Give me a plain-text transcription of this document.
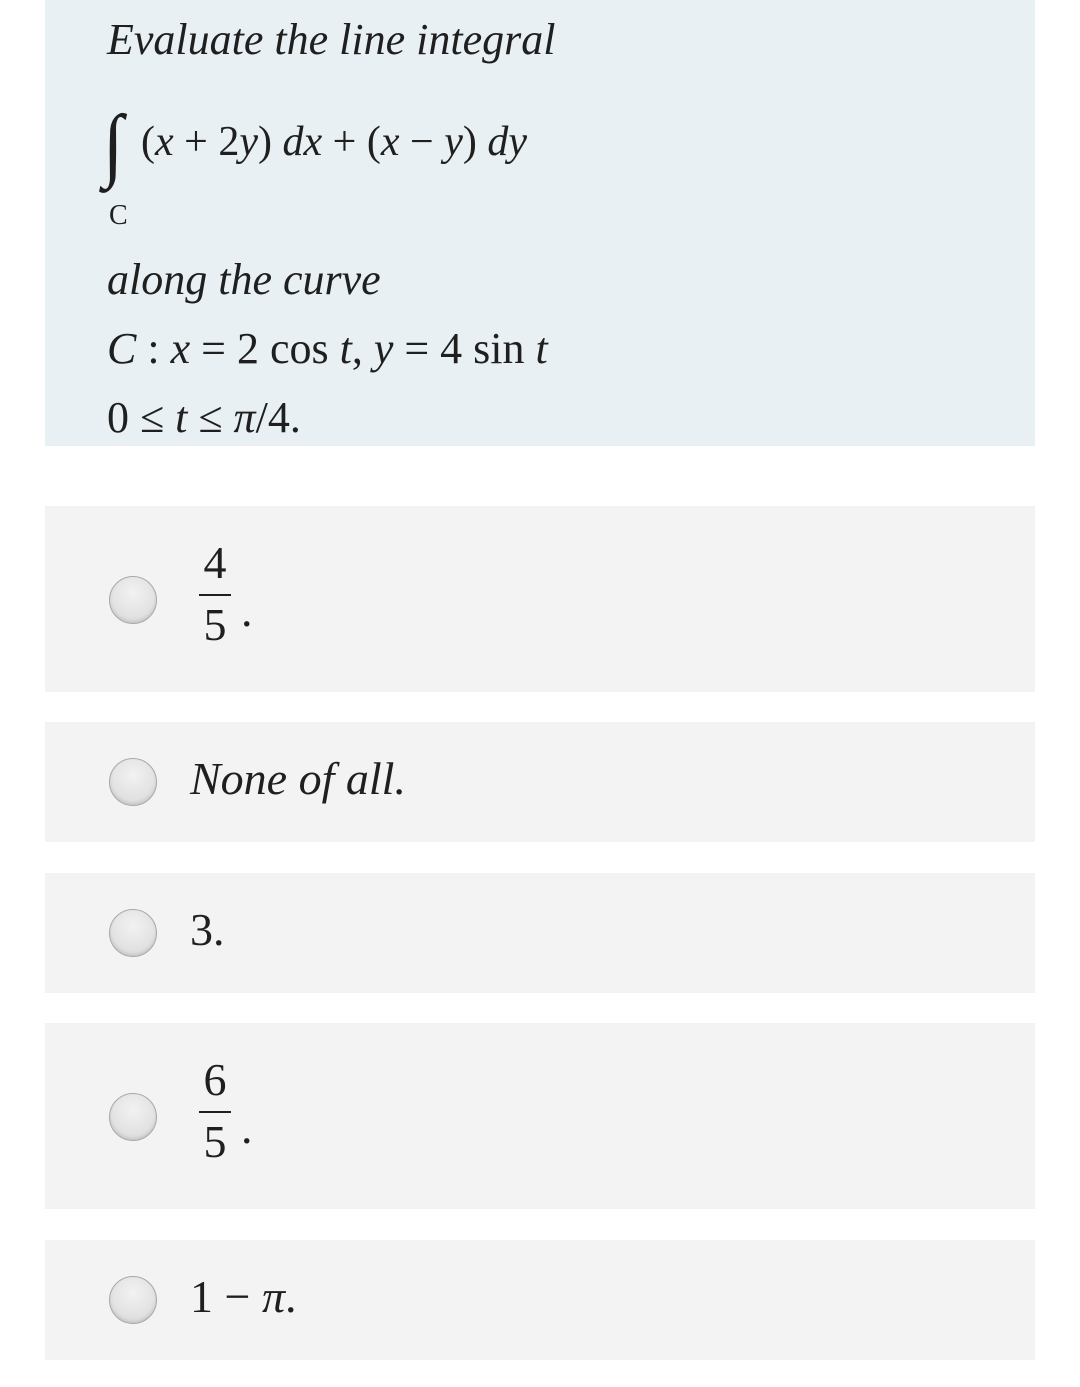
Evaluate the line integral
∫ (x + 2y) dx + (x − y) dy
C
along the curve
C : x = 2 cos t, y = 4 sin t
0 ≤ t ≤ π/4.
4
5 .
None of all.
3.
6
5 .
1 − π.
